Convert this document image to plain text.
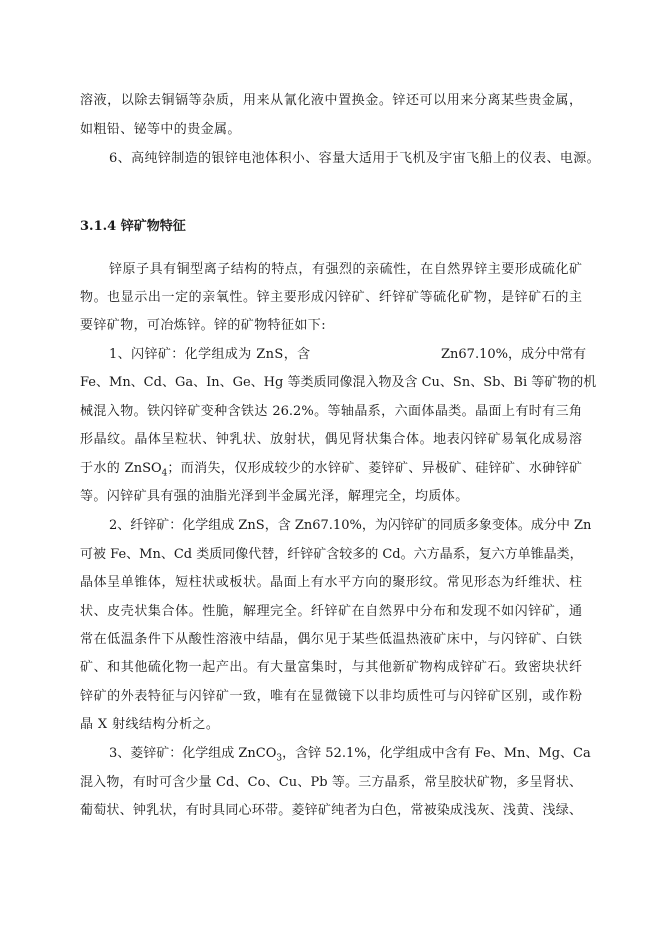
溶液，以除去铜镉等杂质，用来从氰化液中置换金。锌还可以用来分离某些贵金属，
如粗铅、铋等中的贵金属。
6、高纯锌制造的银锌电池体积小、容量大适用于飞机及宇宙飞船上的仪表、电源。
3.1.4 锌矿物特征
锌原子具有铜型离子结构的特点，有强烈的亲硫性，在自然界锌主要形成硫化矿
物。也显示出一定的亲氧性。锌主要形成闪锌矿、纤锌矿等硫化矿物，是锌矿石的主
要锌矿物，可冶炼锌。锌的矿物特征如下:
1、闪锌矿：化学组成为 ZnS，含	Zn67.10%，成分中常有
Fe、Mn、Cd、Ga、In、Ge、Hg 等类质同像混入物及含 Cu、Sn、Sb、Bi 等矿物的机
械混入物。铁闪锌矿变种含铁达 26.2%。等轴晶系，六面体晶类。晶面上有时有三角
形晶纹。晶体呈粒状、钟乳状、放射状，偶见肾状集合体。地表闪锌矿易氧化成易溶
于水的 ZnSO$_4$；而消失，仅形成较少的水锌矿、菱锌矿、异极矿、硅锌矿、水砷锌矿
等。闪锌矿具有强的油脂光泽到半金属光泽，解理完全，均质体。
2、纤锌矿：化学组成 ZnS，含 Zn67.10%，为闪锌矿的同质多象变体。成分中 Zn
可被 Fe、Mn、Cd 类质同像代替，纤锌矿含较多的 Cd。六方晶系，复六方单锥晶类，
晶体呈单锥体，短柱状或板状。晶面上有水平方向的聚形纹。常见形态为纤维状、柱
状、皮壳状集合体。性脆，解理完全。纤锌矿在自然界中分布和发现不如闪锌矿，通
常在低温条件下从酸性溶液中结晶，偶尔见于某些低温热液矿床中，与闪锌矿、白铁
矿、和其他硫化物一起产出。有大量富集时，与其他新矿物构成锌矿石。致密块状纤
锌矿的外表特征与闪锌矿一致，唯有在显微镜下以非均质性可与闪锌矿区别，或作粉
晶 X 射线结构分析之。
3、菱锌矿：化学组成 ZnCO$_3$，含锌 52.1%，化学组成中含有 Fe、Mn、Mg、Ca
混入物，有时可含少量 Cd、Co、Cu、Pb 等。三方晶系，常呈胶状矿物，多呈肾状、
葡萄状、钟乳状，有时具同心环带。菱锌矿纯者为白色，常被染成浅灰、浅黄、浅绿、
